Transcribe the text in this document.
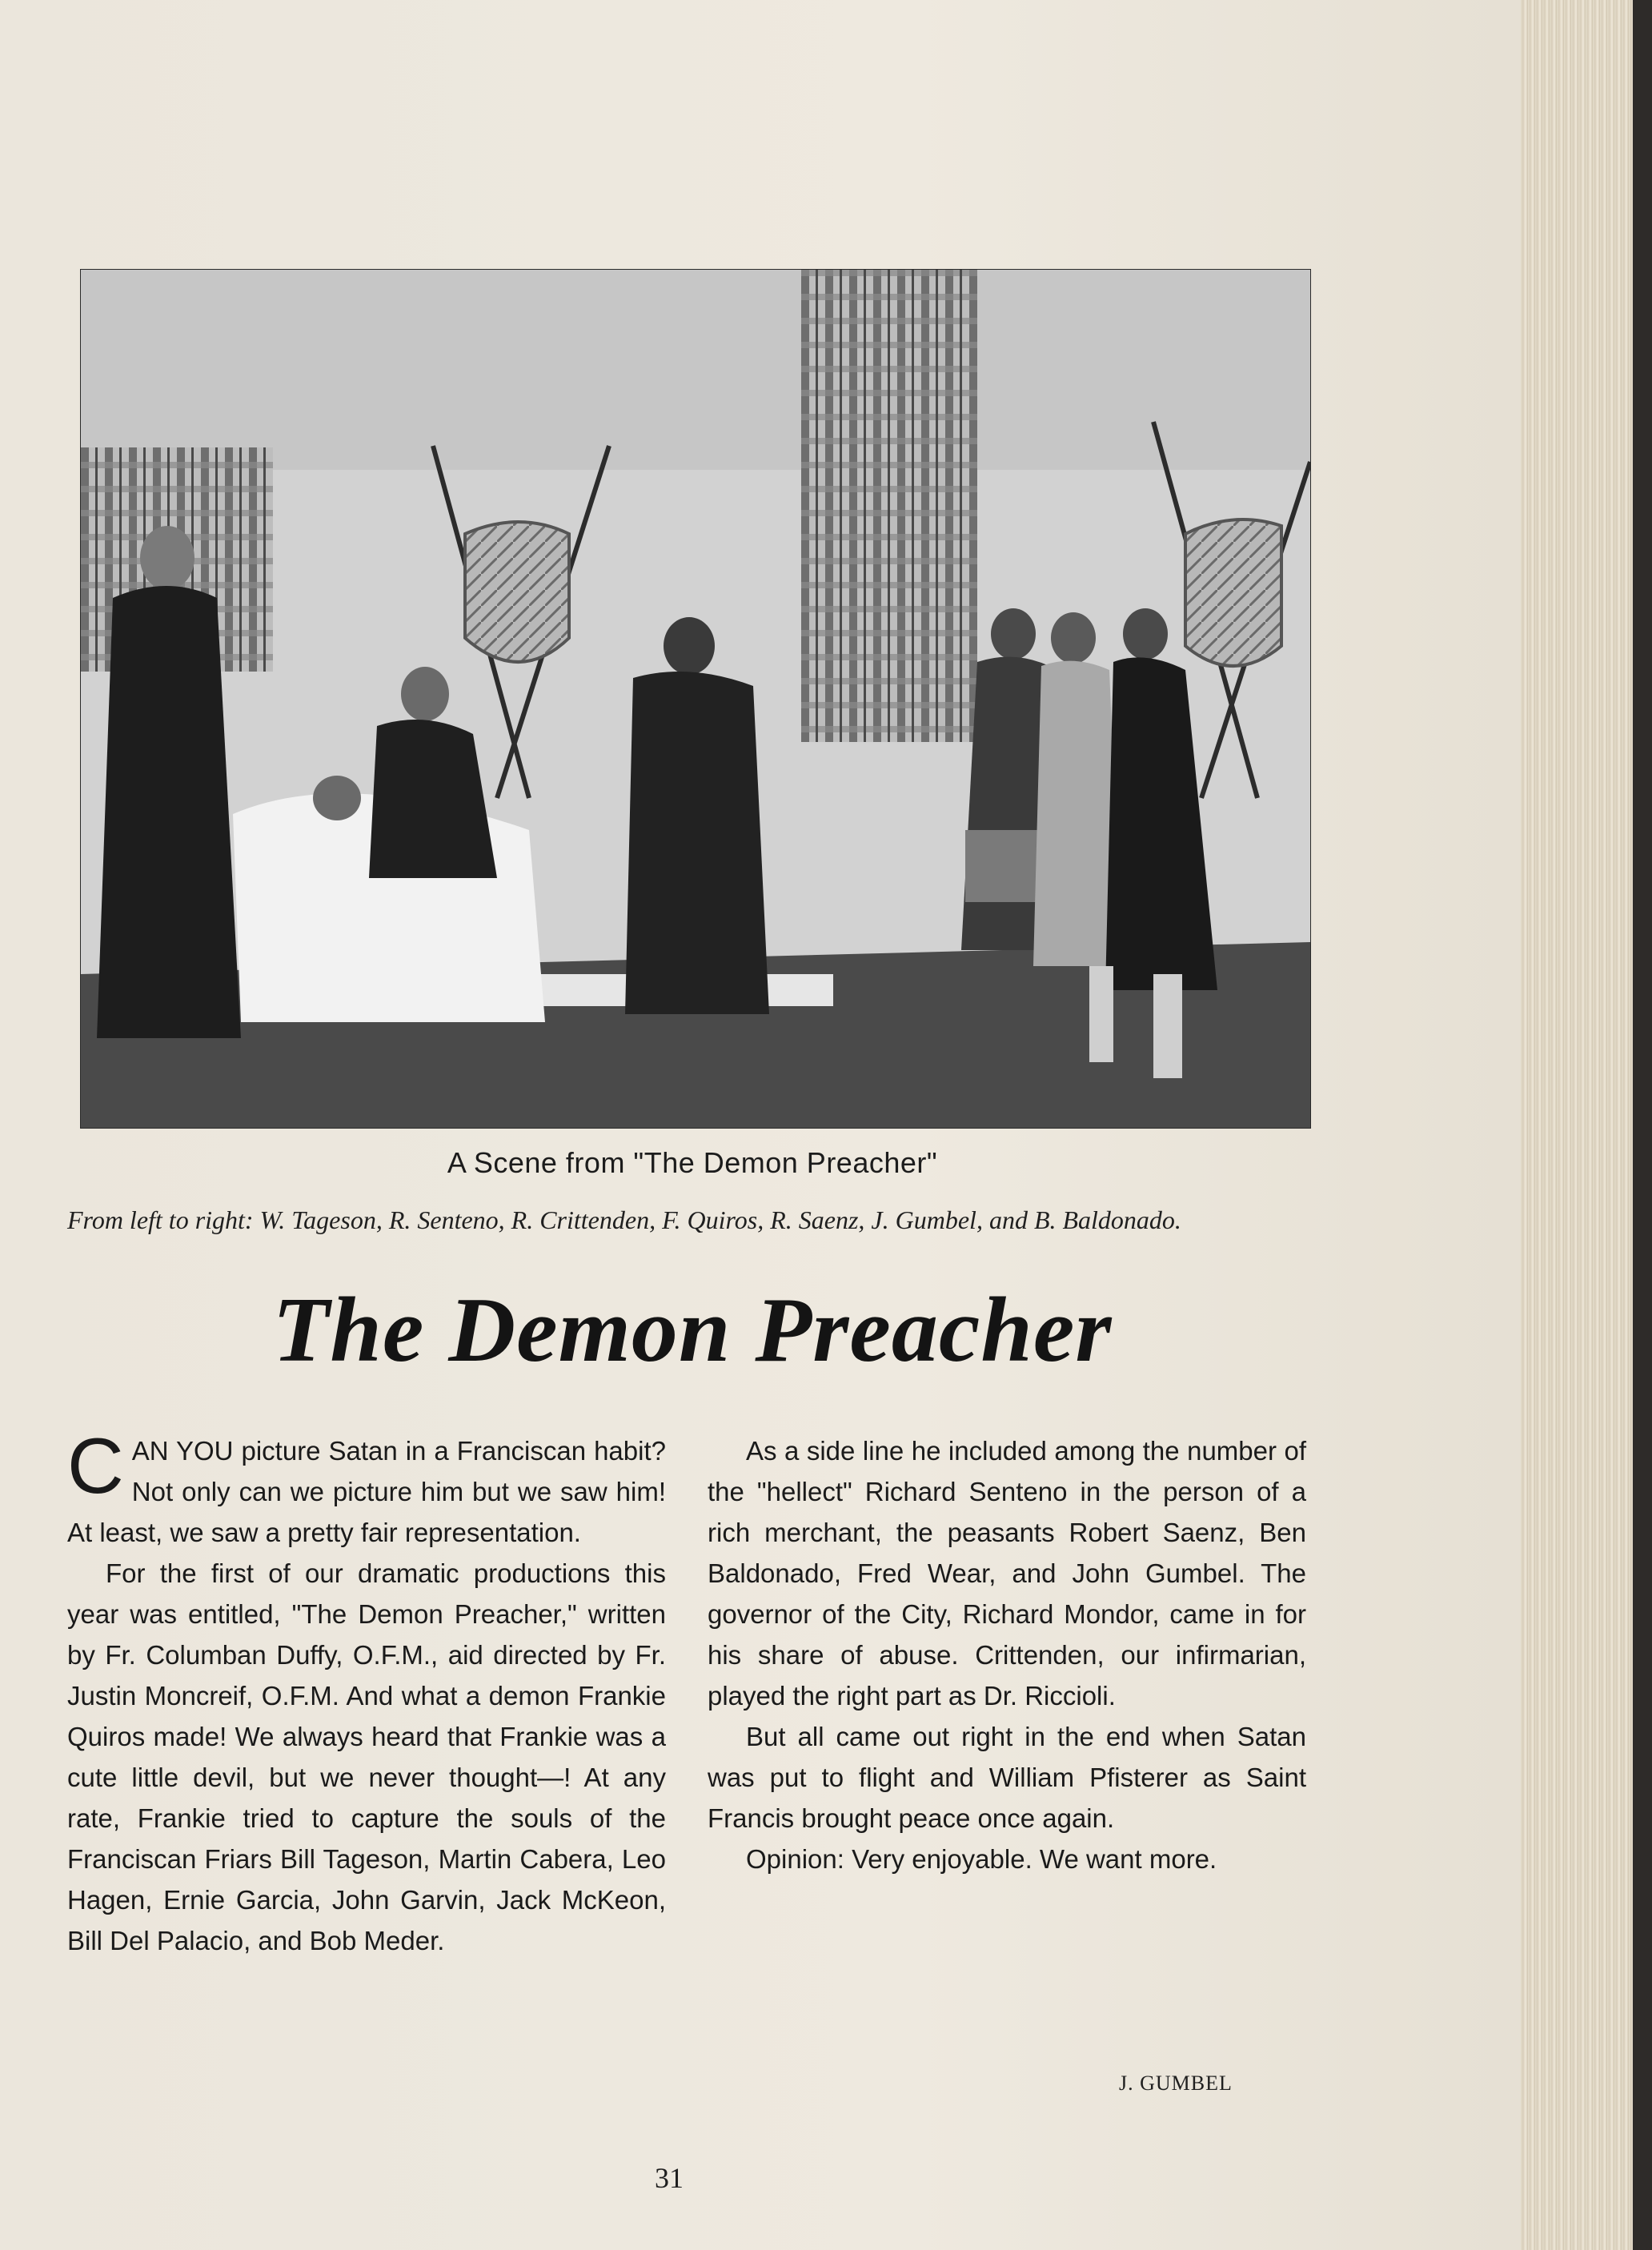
A Scene from "The Demon Preacher"
From left to right: W. Tageson, R. Senteno, R. Crittenden, F. Quiros, R. Saenz, J. Gumbel, and B. Baldonado.
The Demon Preacher

CAN YOU picture Satan in a Franciscan habit? Not only can we picture him but we saw him! At least, we saw a pretty fair representation.

For the first of our dramatic productions this year was entitled, "The Demon Preacher," written by Fr. Columban Duffy, O.F.M., aid directed by Fr. Justin Moncreif, O.F.M. And what a demon Frankie Quiros made! We always heard that Frankie was a cute little devil, but we never thought—! At any rate, Frankie tried to capture the souls of the Franciscan Friars Bill Tageson, Martin Cabera, Leo Hagen, Ernie Garcia, John Garvin, Jack McKeon, Bill Del Palacio, and Bob Meder.

As a side line he included among the number of the "hellect" Richard Senteno in the person of a rich merchant, the peasants Robert Saenz, Ben Baldonado, Fred Wear, and John Gumbel. The governor of the City, Richard Mondor, came in for his share of abuse. Crittenden, our infirmarian, played the right part as Dr. Riccioli.

But all came out right in the end when Satan was put to flight and William Pfisterer as Saint Francis brought peace once again.

Opinion: Very enjoyable. We want more.

J. GUMBEL
31
